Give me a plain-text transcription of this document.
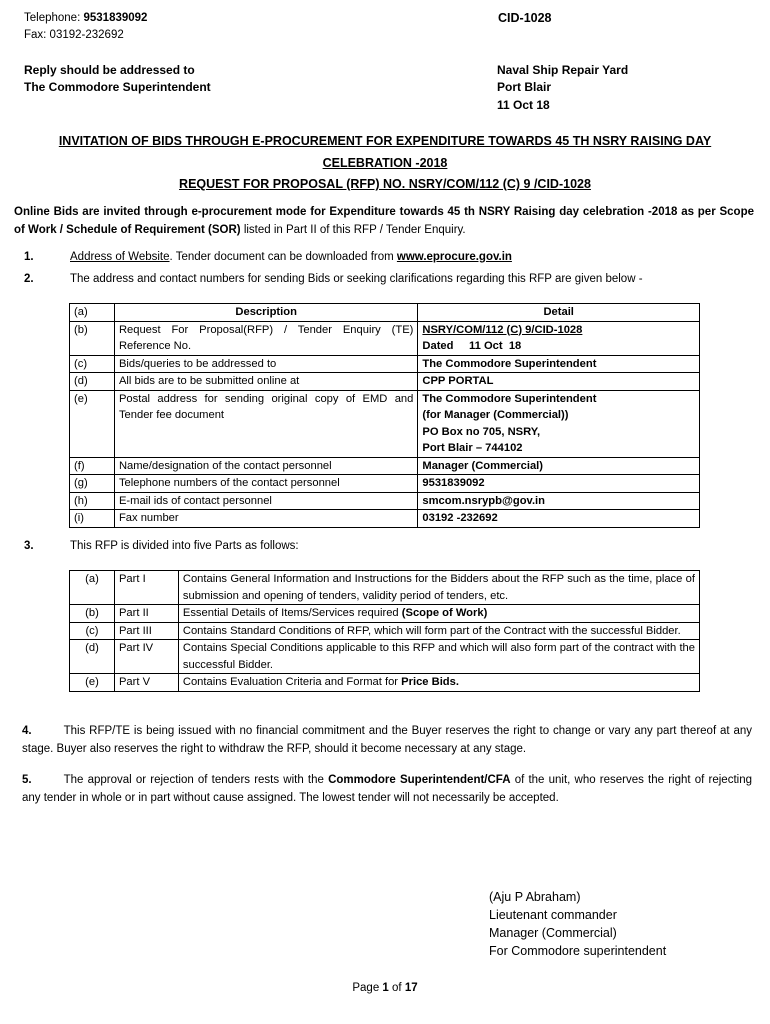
Telephone: 9531839092
Fax: 03192-232692
CID-1028
Reply should be addressed to
The Commodore Superintendent
Naval Ship Repair Yard
Port Blair
11 Oct 18
INVITATION OF BIDS THROUGH E-PROCUREMENT FOR EXPENDITURE TOWARDS 45 TH NSRY RAISING DAY
CELEBRATION -2018
REQUEST FOR PROPOSAL (RFP) NO. NSRY/COM/112 (C) 9 /CID-1028
Online Bids are invited through e-procurement mode for Expenditure towards 45 th NSRY Raising day celebration -2018 as per Scope of Work / Schedule of Requirement (SOR) listed in Part II of this RFP / Tender Enquiry.
1.	Address of Website. Tender document can be downloaded from www.eprocure.gov.in
2.	The address and contact numbers for sending Bids or seeking clarifications regarding this RFP are given below -
(a)	Description	Detail
(b)	Request For Proposal(RFP) / Tender Enquiry (TE) Reference No.	NSRY/COM/112 (C) 9/CID-1028
Dated     11 Oct  18

(c)	Bids/queries to be addressed to	The Commodore Superintendent
(d)	All bids are to be submitted online at	CPP PORTAL
(e)	Postal address for sending original copy of EMD and Tender fee document	The Commodore Superintendent
(for Manager (Commercial))
PO Box no 705, NSRY,
Port Blair – 744102

(f)	Name/designation of the contact personnel	Manager (Commercial)
(g)	Telephone numbers of the contact personnel	9531839092
(h)	E-mail ids of contact personnel	smcom.nsrypb@gov.in
(i)	Fax number	03192 -232692
3.	This RFP is divided into five Parts as follows:
(a)	Part I	Contains General Information and Instructions for the Bidders about the RFP such as the time, place of submission and opening of tenders, validity period of tenders, etc.
(b)	Part II	Essential Details of Items/Services required (Scope of Work)
(c)	Part III	Contains Standard Conditions of RFP, which will form part of the Contract with the successful Bidder.
(d)	Part IV	Contains Special Conditions applicable to this RFP and which will also form part of the contract with the successful Bidder.
(e)	Part V	Contains Evaluation Criteria and Format for Price Bids.
4.	This RFP/TE is being issued with no financial commitment and the Buyer reserves the right to change or vary any part thereof at any stage. Buyer also reserves the right to withdraw the RFP, should it become necessary at any stage.
5.	The approval or rejection of tenders rests with the Commodore Superintendent/CFA of the unit, who reserves the right of rejecting any tender in whole or in part without cause assigned. The lowest tender will not necessarily be accepted.
(Aju P Abraham)
Lieutenant commander
Manager (Commercial)
For Commodore superintendent
Page 1 of 17
